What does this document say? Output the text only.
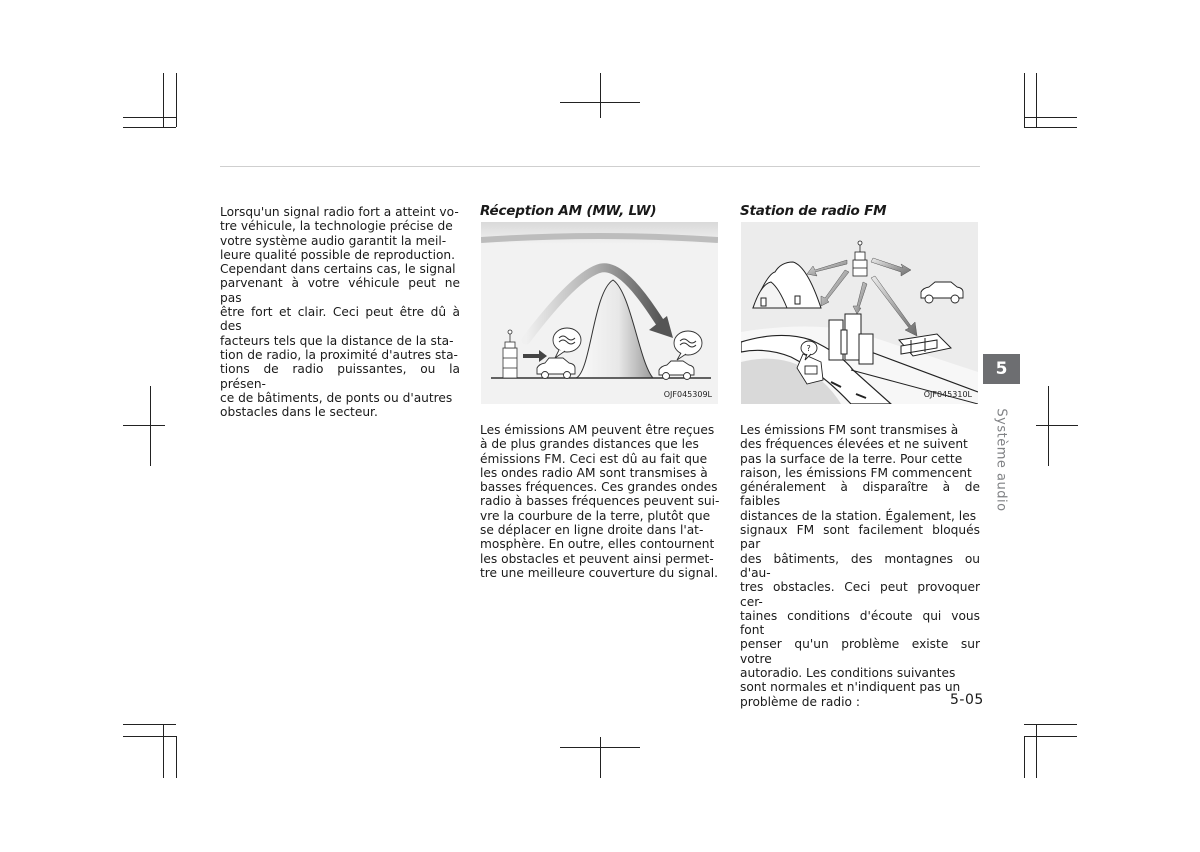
Lorsqu'un signal radio fort a atteint vo-
tre véhicule, la technologie précise de
votre système audio garantit la meil-
leure qualité possible de reproduction.
Cependant dans certains cas, le signal
parvenant à votre véhicule peut ne pas
être fort et clair. Ceci peut être dû à des
facteurs tels que la distance de la sta-
tion de radio, la proximité d'autres sta-
tions de radio puissantes, ou la présen-
ce de bâtiments, de ponts ou d'autres
obstacles dans le secteur.

Réception AM (MW, LW)
OJF045309L

Les émissions AM peuvent être reçues
à de plus grandes distances que les
émissions FM. Ceci est dû au fait que
les ondes radio AM sont transmises à
basses fréquences. Ces grandes ondes
radio à basses fréquences peuvent sui-
vre la courbure de la terre, plutôt que
se déplacer en ligne droite dans l'at-
mosphère. En outre, elles contournent
les obstacles et peuvent ainsi permet-
tre une meilleure couverture du signal.

Station de radio FM
?
OJF045310L

Les émissions FM sont transmises à
des fréquences élevées et ne suivent
pas la surface de la terre. Pour cette
raison, les émissions FM commencent
généralement à disparaître à de faibles
distances de la station. Également, les
signaux FM sont facilement bloqués par
des bâtiments, des montagnes ou d'au-
tres obstacles. Ceci peut provoquer cer-
taines conditions d'écoute qui vous font
penser qu'un problème existe sur votre
autoradio. Les conditions suivantes
sont normales et n'indiquent pas un
problème de radio :

5
Système audio
5-05
